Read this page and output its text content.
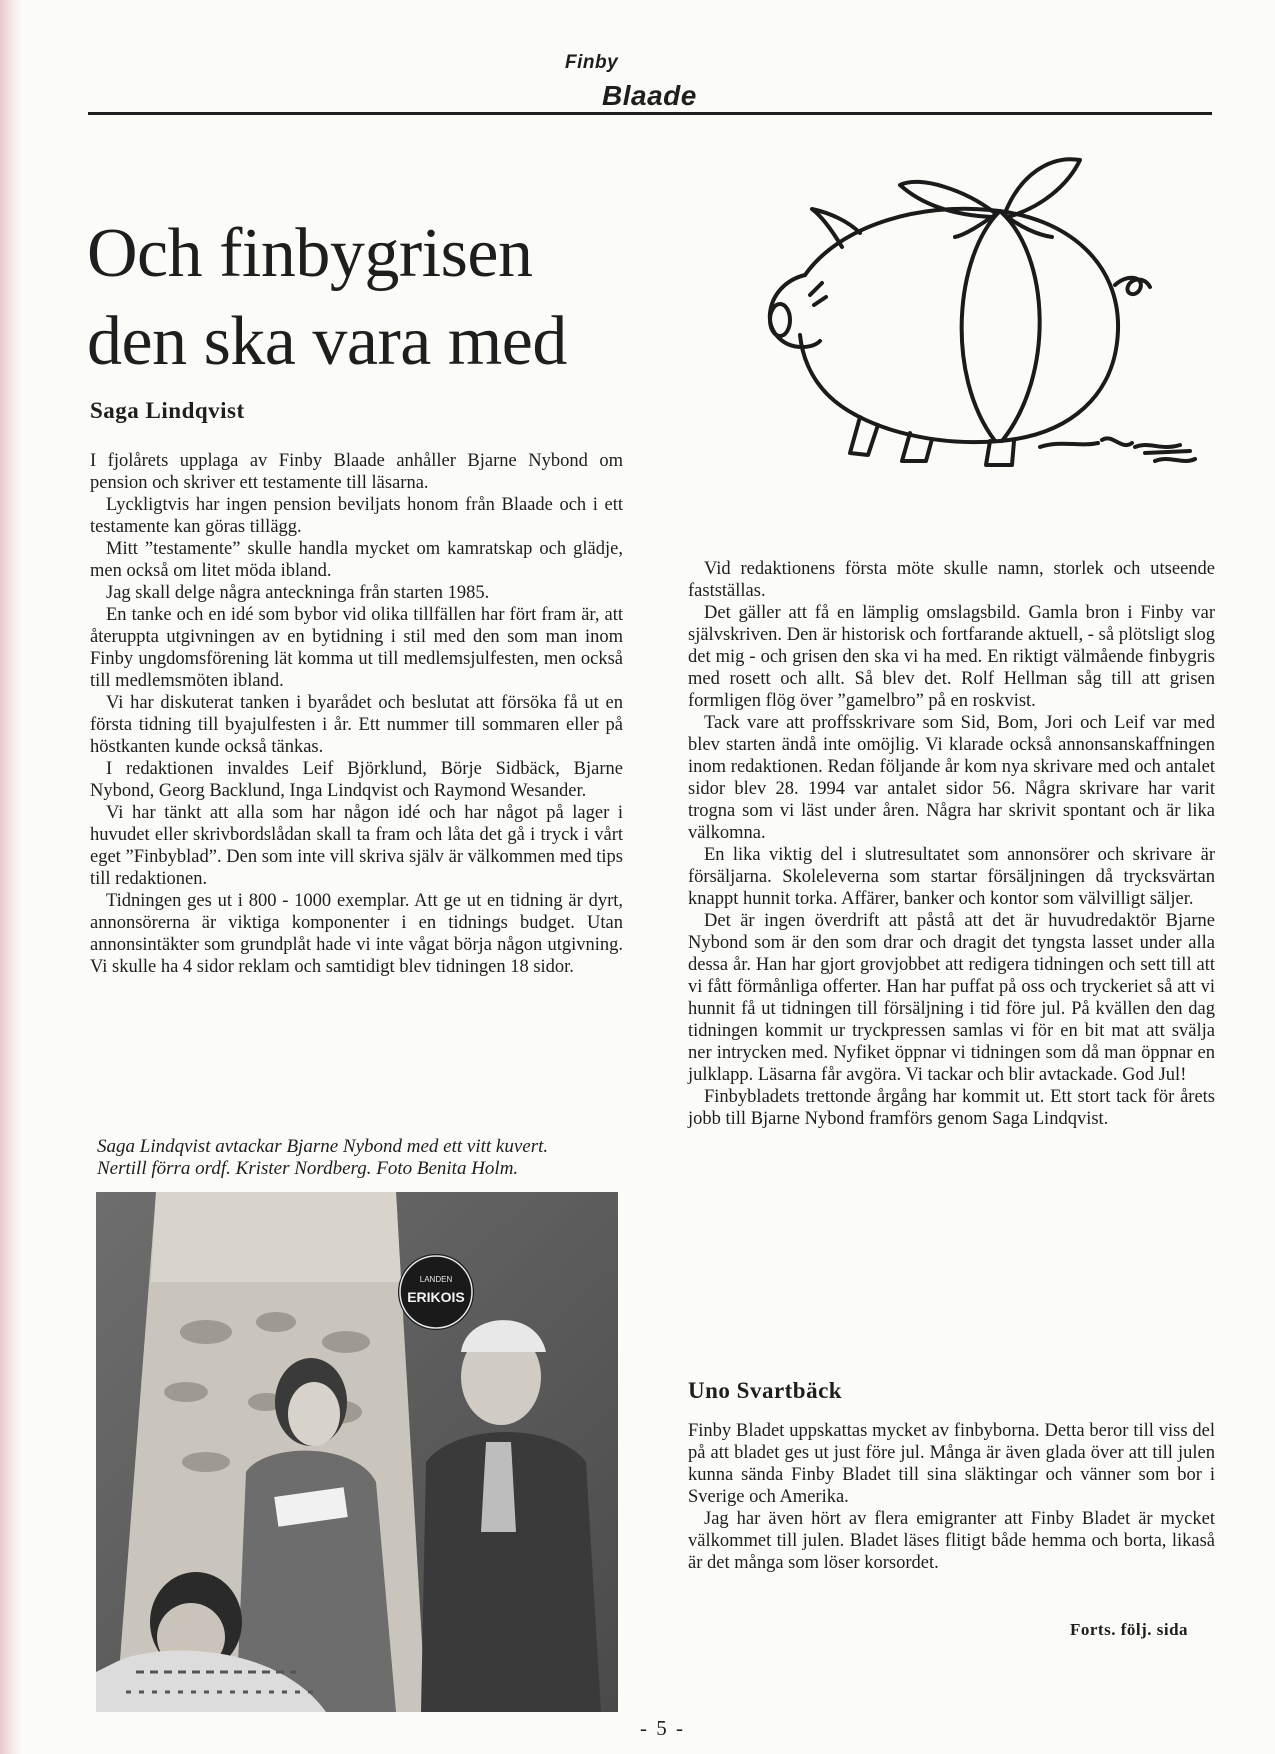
Finby
Blaade
Och finbygrisen
den ska vara med
Saga Lindqvist

I fjolårets upplaga av Finby Blaade anhåller Bjarne Nybond om pension och skriver ett testamente till läsarna.

Lyckligtvis har ingen pension beviljats honom från Blaade och i ett testamente kan göras tillägg.

Mitt ”testamente” skulle handla mycket om kamratskap och glädje, men också om litet möda ibland.

Jag skall delge några anteckninga från starten 1985.

En tanke och en idé som bybor vid olika tillfällen har fört fram är, att återuppta utgivningen av en bytidning i stil med den som man inom Finby ungdomsförening lät komma ut till medlemsjulfesten, men också till medlemsmöten ibland.

Vi har diskuterat tanken i byarådet och beslutat att försöka få ut en första tidning till byajulfesten i år. Ett nummer till sommaren eller på höstkanten kunde också tänkas.

I redaktionen invaldes Leif Björklund, Börje Sidbäck, Bjarne Nybond, Georg Backlund, Inga Lindqvist och Raymond Wesander.

Vi har tänkt att alla som har någon idé och har något på lager i huvudet eller skrivbordslådan skall ta fram och låta det gå i tryck i vårt eget ”Finbyblad”. Den som inte vill skriva själv är välkommen med tips till redaktionen.

Tidningen ges ut i 800 - 1000 exemplar. Att ge ut en tidning är dyrt, annonsörerna är viktiga komponenter i en tidnings budget. Utan annonsintäkter som grundplåt hade vi inte vågat börja någon utgivning. Vi skulle ha 4 sidor reklam och samtidigt blev tidningen 18 sidor.

Vid redaktionens första möte skulle namn, storlek och utseende fastställas.

Det gäller att få en lämplig omslagsbild. Gamla bron i Finby var självskriven. Den är historisk och fortfarande aktuell, - så plötsligt slog det mig - och grisen den ska vi ha med. En riktigt välmående finbygris med rosett och allt. Så blev det. Rolf Hellman såg till att grisen formligen flög över ”gamelbro” på en roskvist.

Tack vare att proffsskrivare som Sid, Bom, Jori och Leif var med blev starten ändå inte omöjlig. Vi klarade också annonsanskaffningen inom redaktionen. Redan följande år kom nya skrivare med och antalet sidor blev 28. 1994 var antalet sidor 56. Några skrivare har varit trogna som vi läst under åren. Några har skrivit spontant och är lika välkomna.

En lika viktig del i slutresultatet som annonsörer och skrivare är försäljarna. Skoleleverna som startar försäljningen då trycksvärtan knappt hunnit torka. Affärer, banker och kontor som välvilligt säljer.

Det är ingen överdrift att påstå att det är huvudredaktör Bjarne Nybond som är den som drar och dragit det tyngsta lasset under alla dessa år. Han har gjort grovjobbet att redigera tidningen och sett till att vi fått förmånliga offerter. Han har puffat på oss och tryckeriet så att vi hunnit få ut tidningen till försäljning i tid före jul. På kvällen den dag tidningen kommit ur tryckpressen samlas vi för en bit mat att svälja ner intrycken med. Nyfiket öppnar vi tidningen som då man öppnar en julklapp. Läsarna får avgöra. Vi tackar och blir avtackade. God Jul!

Finbybladets trettonde årgång har kommit ut. Ett stort tack för årets jobb till Bjarne Nybond framförs genom Saga Lindqvist.

Saga Lindqvist avtackar Bjarne Nybond med ett vitt kuvert.
Nertill förra ordf. Krister Nordberg. Foto Benita Holm.
LANDEN
ERIKOIS
Uno Svartbäck

Finby Bladet uppskattas mycket av finbyborna. Detta beror till viss del på att bladet ges ut just före jul. Många är även glada över att till julen kunna sända Finby Bladet till sina släktingar och vänner som bor i Sverige och Amerika.

Jag har även hört av flera emigranter att Finby Bladet är mycket välkommet till julen. Bladet läses flitigt både hemma och borta, likaså är det många som löser korsordet.

Forts. följ. sida
- 5 -
